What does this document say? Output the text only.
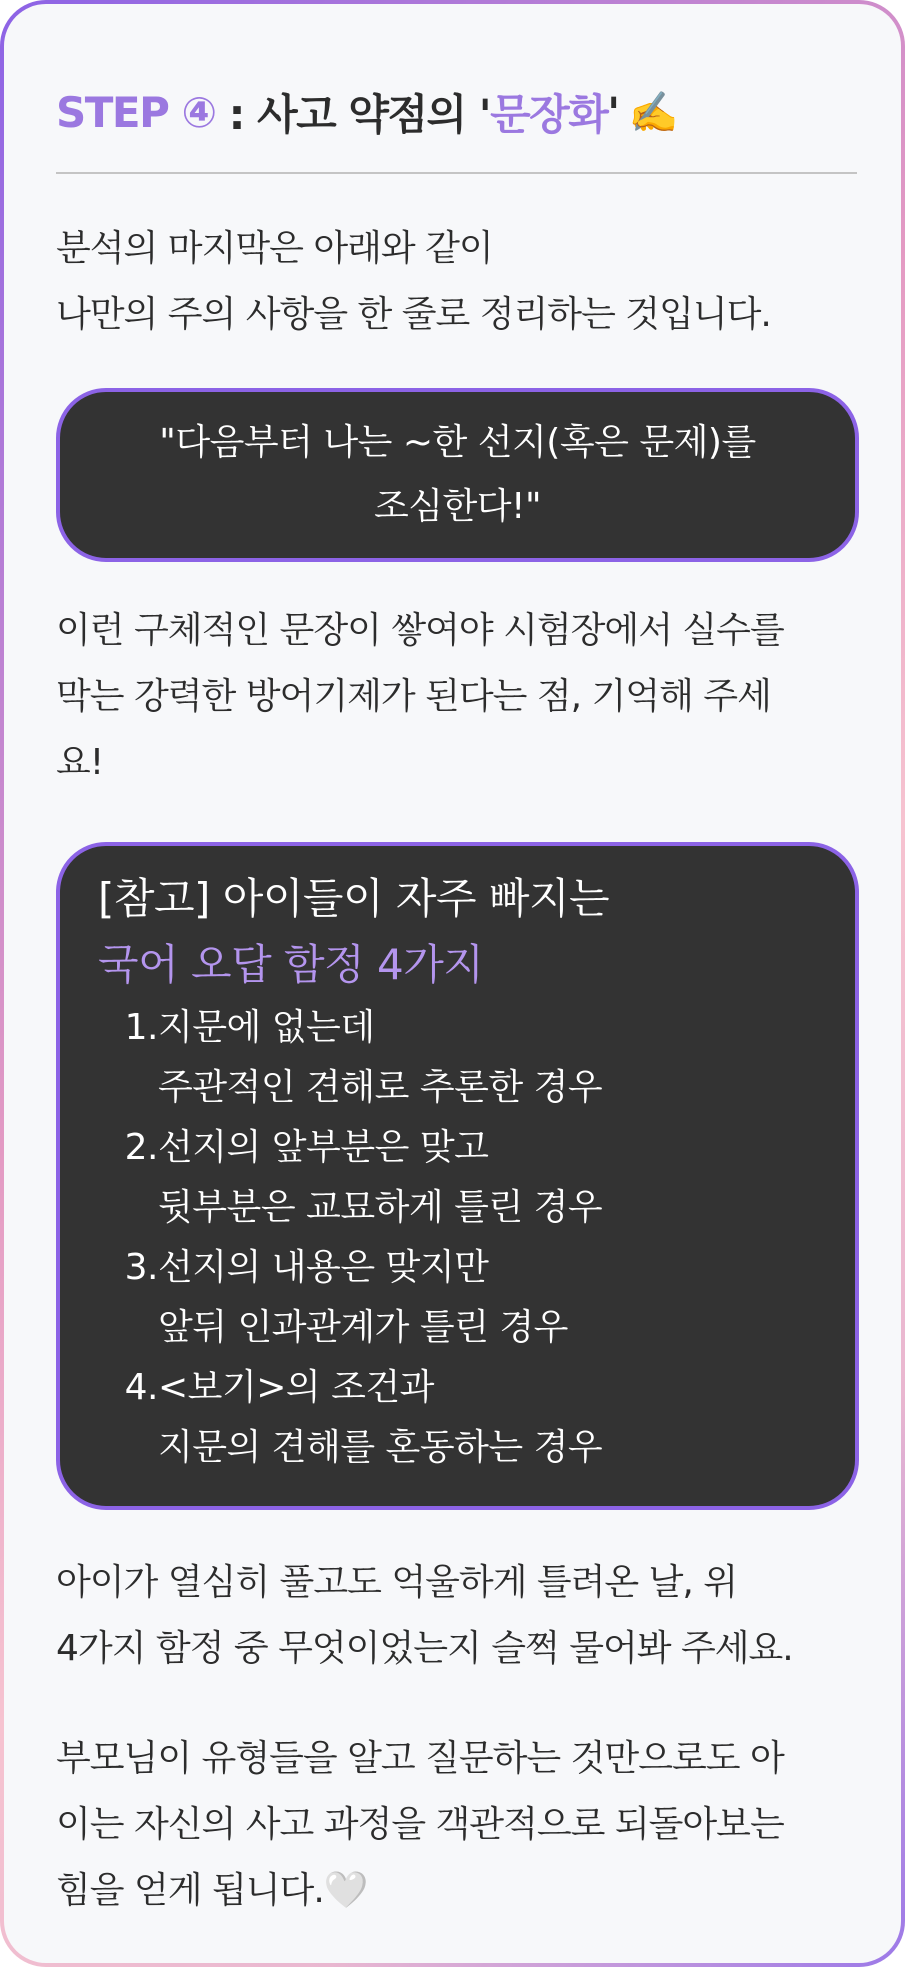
STEP ④ : 사고 약점의 ' 문장화 ' ✍️

분석의 마지막은 아래와 같이
나만의 주의 사항을 한 줄로 정리하는 것입니다.

"다음부터 나는 ~한 선지(혹은 문제)를
조심한다!"

이런 구체적인 문장이 쌓여야 시험장에서 실수를
막는 강력한 방어기제가 된다는 점, 기억해 주세
요!

[참고] 아이들이 자주 빠지는
국어 오답 함정 4가지
1. 지문에 없는데
주관적인 견해로 추론한 경우
2. 선지의 앞부분은 맞고
뒷부분은 교묘하게 틀린 경우
3. 선지의 내용은 맞지만
앞뒤 인과관계가 틀린 경우
4. <보기>의 조건과
지문의 견해를 혼동하는 경우

아이가 열심히 풀고도 억울하게 틀려온 날, 위
4가지 함정 중 무엇이었는지 슬쩍 물어봐 주세요.

부모님이 유형들을 알고 질문하는 것만으로도 아
이는 자신의 사고 과정을 객관적으로 되돌아보는
힘을 얻게 됩니다.🤍
